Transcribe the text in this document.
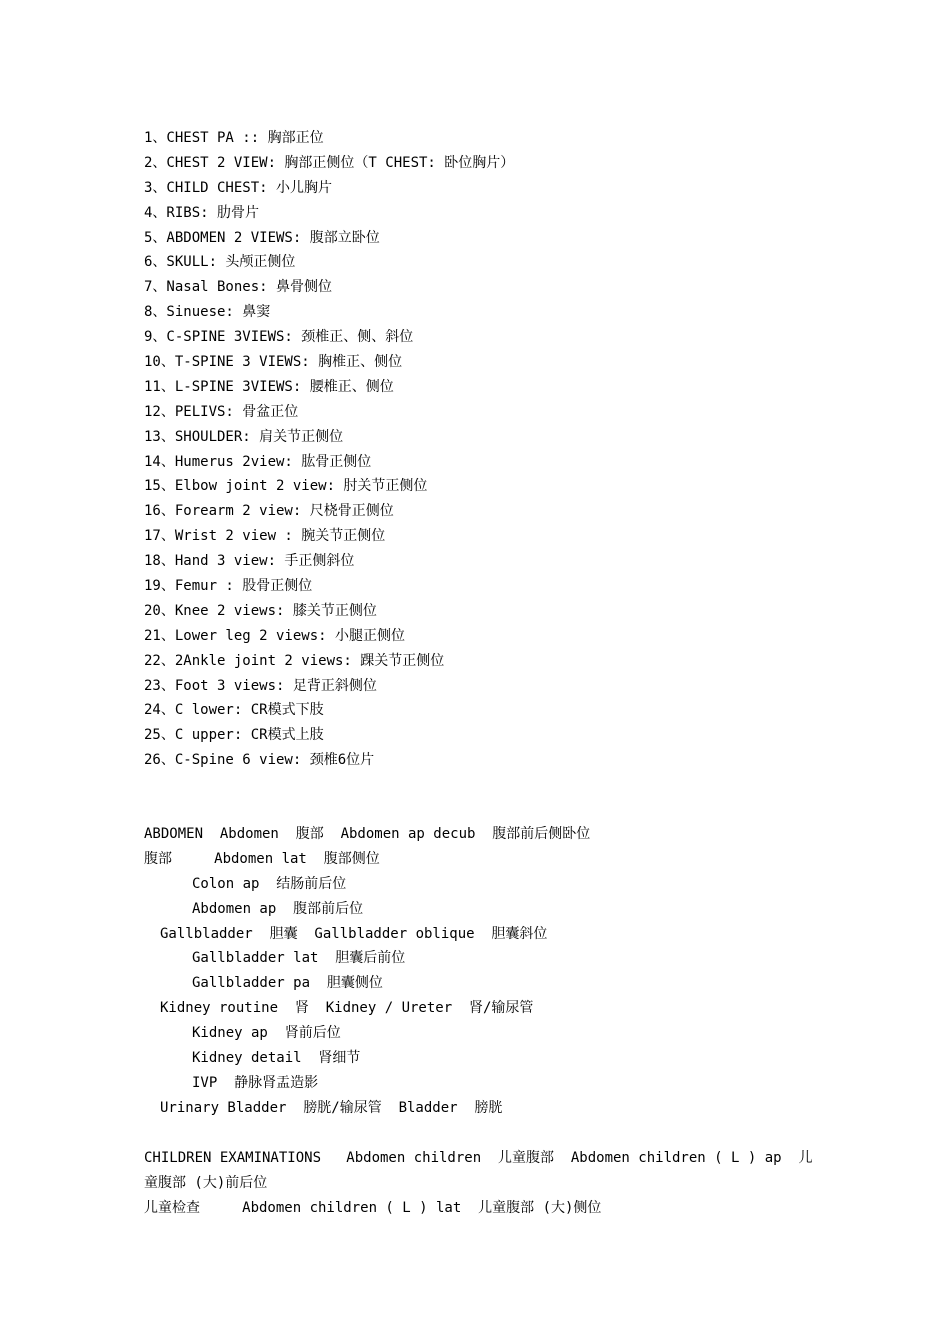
1、CHEST PA :: 胸部正位
2、CHEST 2 VIEW: 胸部正侧位（T CHEST: 卧位胸片）
3、CHILD CHEST: 小儿胸片
4、RIBS: 肋骨片
5、ABDOMEN 2 VIEWS: 腹部立卧位
6、SKULL: 头颅正侧位
7、Nasal Bones: 鼻骨侧位
8、Sinuese: 鼻窦
9、C-SPINE 3VIEWS: 颈椎正、侧、斜位
10、T-SPINE 3 VIEWS: 胸椎正、侧位
11、L-SPINE 3VIEWS: 腰椎正、侧位
12、PELIVS: 骨盆正位
13、SHOULDER: 肩关节正侧位
14、Humerus 2view: 肱骨正侧位
15、Elbow joint 2 view: 肘关节正侧位
16、Forearm 2 view: 尺桡骨正侧位
17、Wrist 2 view : 腕关节正侧位
18、Hand 3 view: 手正侧斜位
19、Femur : 股骨正侧位
20、Knee 2 views: 膝关节正侧位
21、Lower leg 2 views: 小腿正侧位
22、2Ankle joint 2 views: 踝关节正侧位
23、Foot 3 views: 足背正斜侧位
24、C lower: CR模式下肢
25、C upper: CR模式上肢
26、C-Spine 6 view: 颈椎6位片
ABDOMEN  Abdomen  腹部  Abdomen ap decub  腹部前后侧卧位
腹部     Abdomen lat  腹部侧位
Colon ap  结肠前后位
Abdomen ap  腹部前后位
Gallbladder  胆囊  Gallbladder oblique  胆囊斜位
Gallbladder lat  胆囊后前位
Gallbladder pa  胆囊侧位
Kidney routine  肾  Kidney / Ureter  肾/输尿管
Kidney ap  肾前后位
Kidney detail  肾细节
IVP  静脉肾盂造影
Urinary Bladder  膀胱/输尿管  Bladder  膀胱
CHILDREN EXAMINATIONS   Abdomen children  儿童腹部  Abdomen children ( L ) ap  儿童腹部 (大)前后位
儿童检查     Abdomen children ( L ) lat  儿童腹部 (大)侧位
